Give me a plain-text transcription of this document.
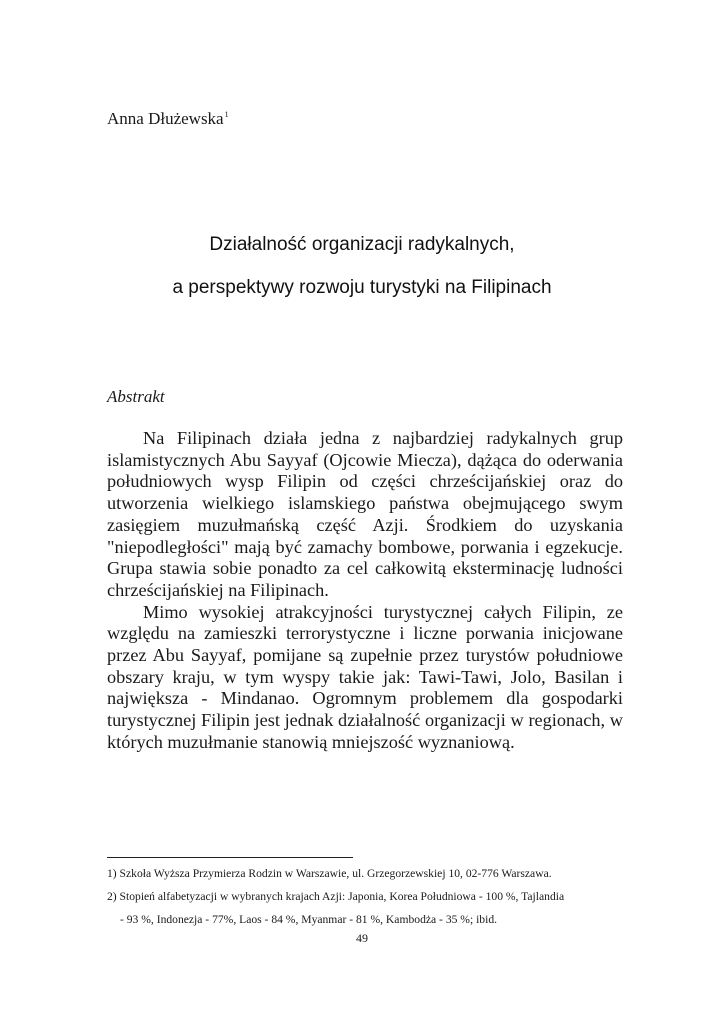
Anna Dłużewska$^1$
Działalność organizacji radykalnych,
a perspektywy rozwoju turystyki na Filipinach
Abstrakt

Na Filipinach działa jedna z najbardziej radykalnych grup islamistycznych Abu Sayyaf (Ojcowie Miecza), dążąca do oderwania południowych wysp Filipin od części chrześcijańskiej oraz do utworzenia wielkiego islamskiego państwa obejmującego swym zasięgiem muzułmańską część Azji. Środkiem do uzyskania "niepodległości" mają być zamachy bombowe, porwania i egzekucje. Grupa stawia sobie ponadto za cel całkowitą eksterminację ludności chrześcijańskiej na Filipinach.

Mimo wysokiej atrakcyjności turystycznej całych Filipin, ze względu na zamieszki terrorystyczne i liczne porwania inicjowane przez Abu Sayyaf, pomijane są zupełnie przez turystów południowe obszary kraju, w tym wyspy takie jak: Tawi-Tawi, Jolo, Basilan i największa - Mindanao. Ogromnym problemem dla gospodarki turystycznej Filipin jest jednak działalność organizacji w regionach, w których muzułmanie stanowią mniejszość wyznaniową.

1) Szkoła Wyższa Przymierza Rodzin w Warszawie, ul. Grzegorzewskiej 10, 02-776 Warszawa.

2) Stopień alfabetyzacji w wybranych krajach Azji: Japonia, Korea Południowa - 100 %, Tajlandia
- 93 %, Indonezja - 77%, Laos - 84 %, Myanmar - 81 %, Kambodża - 35 %; ibid.

49
